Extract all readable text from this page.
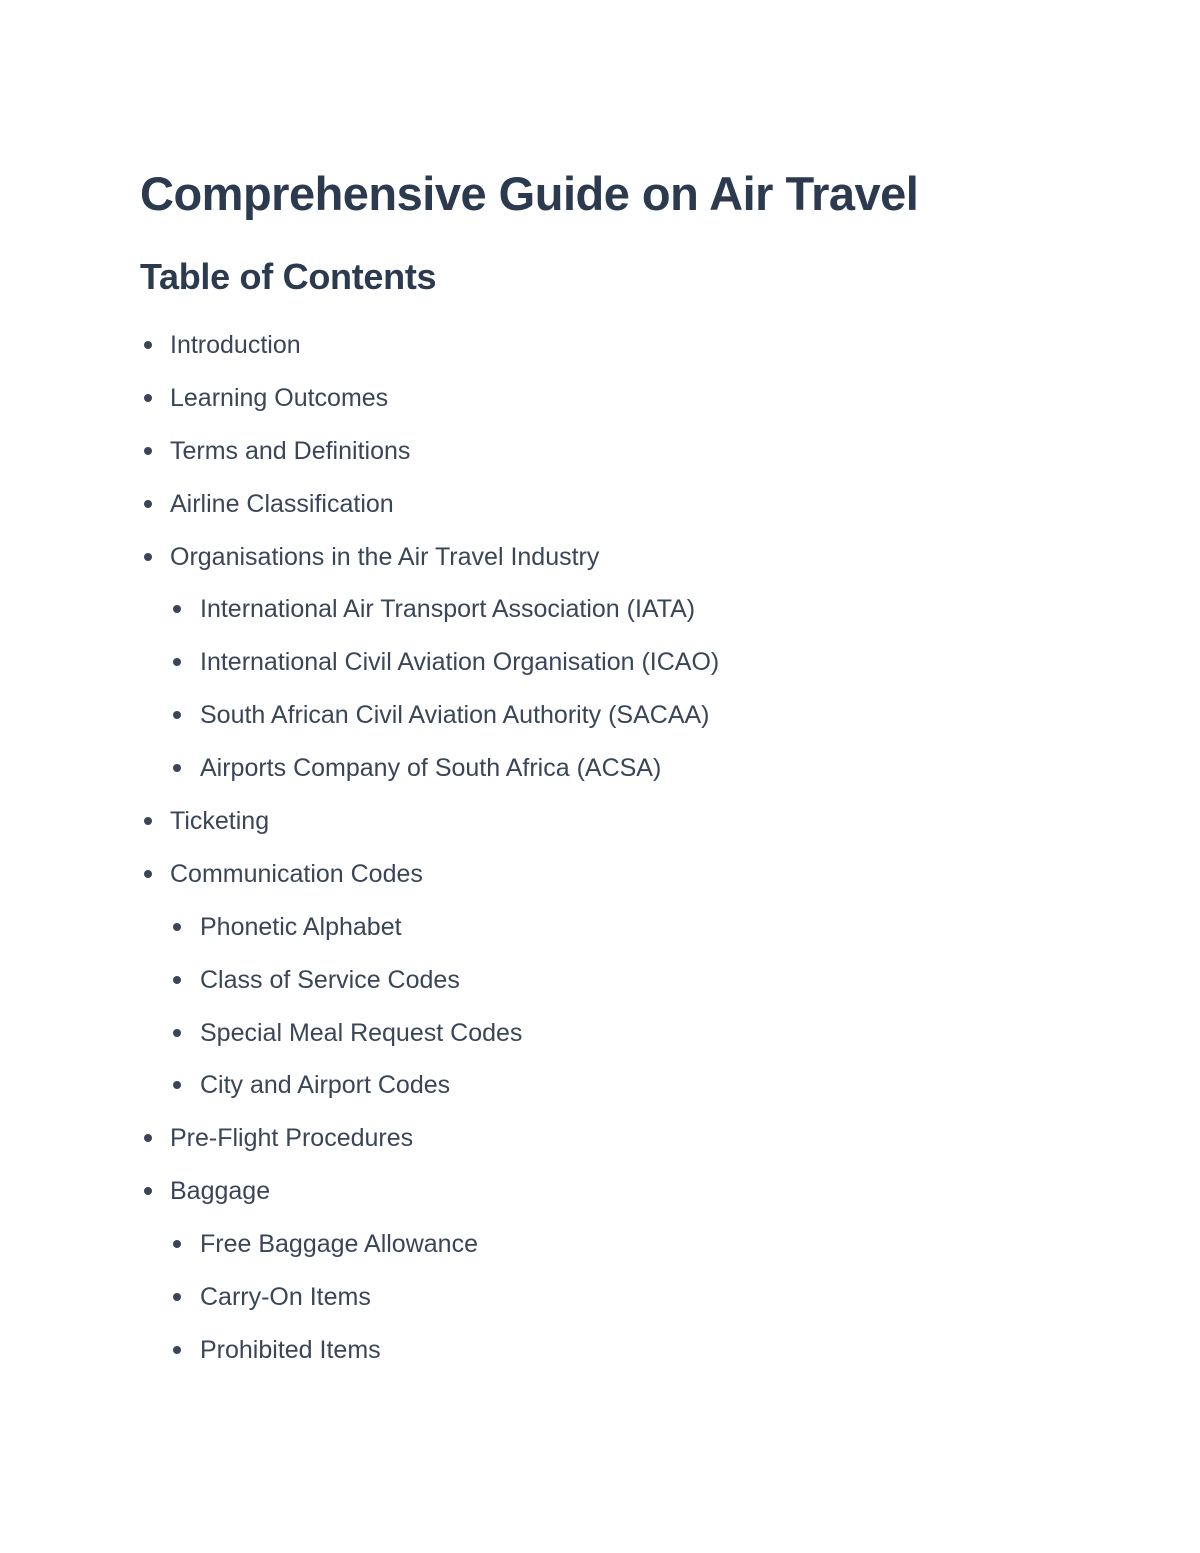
Comprehensive Guide on Air Travel
Table of Contents
Introduction
Learning Outcomes
Terms and Definitions
Airline Classification
Organisations in the Air Travel Industry
International Air Transport Association (IATA)
International Civil Aviation Organisation (ICAO)
South African Civil Aviation Authority (SACAA)
Airports Company of South Africa (ACSA)
Ticketing
Communication Codes
Phonetic Alphabet
Class of Service Codes
Special Meal Request Codes
City and Airport Codes
Pre-Flight Procedures
Baggage
Free Baggage Allowance
Carry-On Items
Prohibited Items
